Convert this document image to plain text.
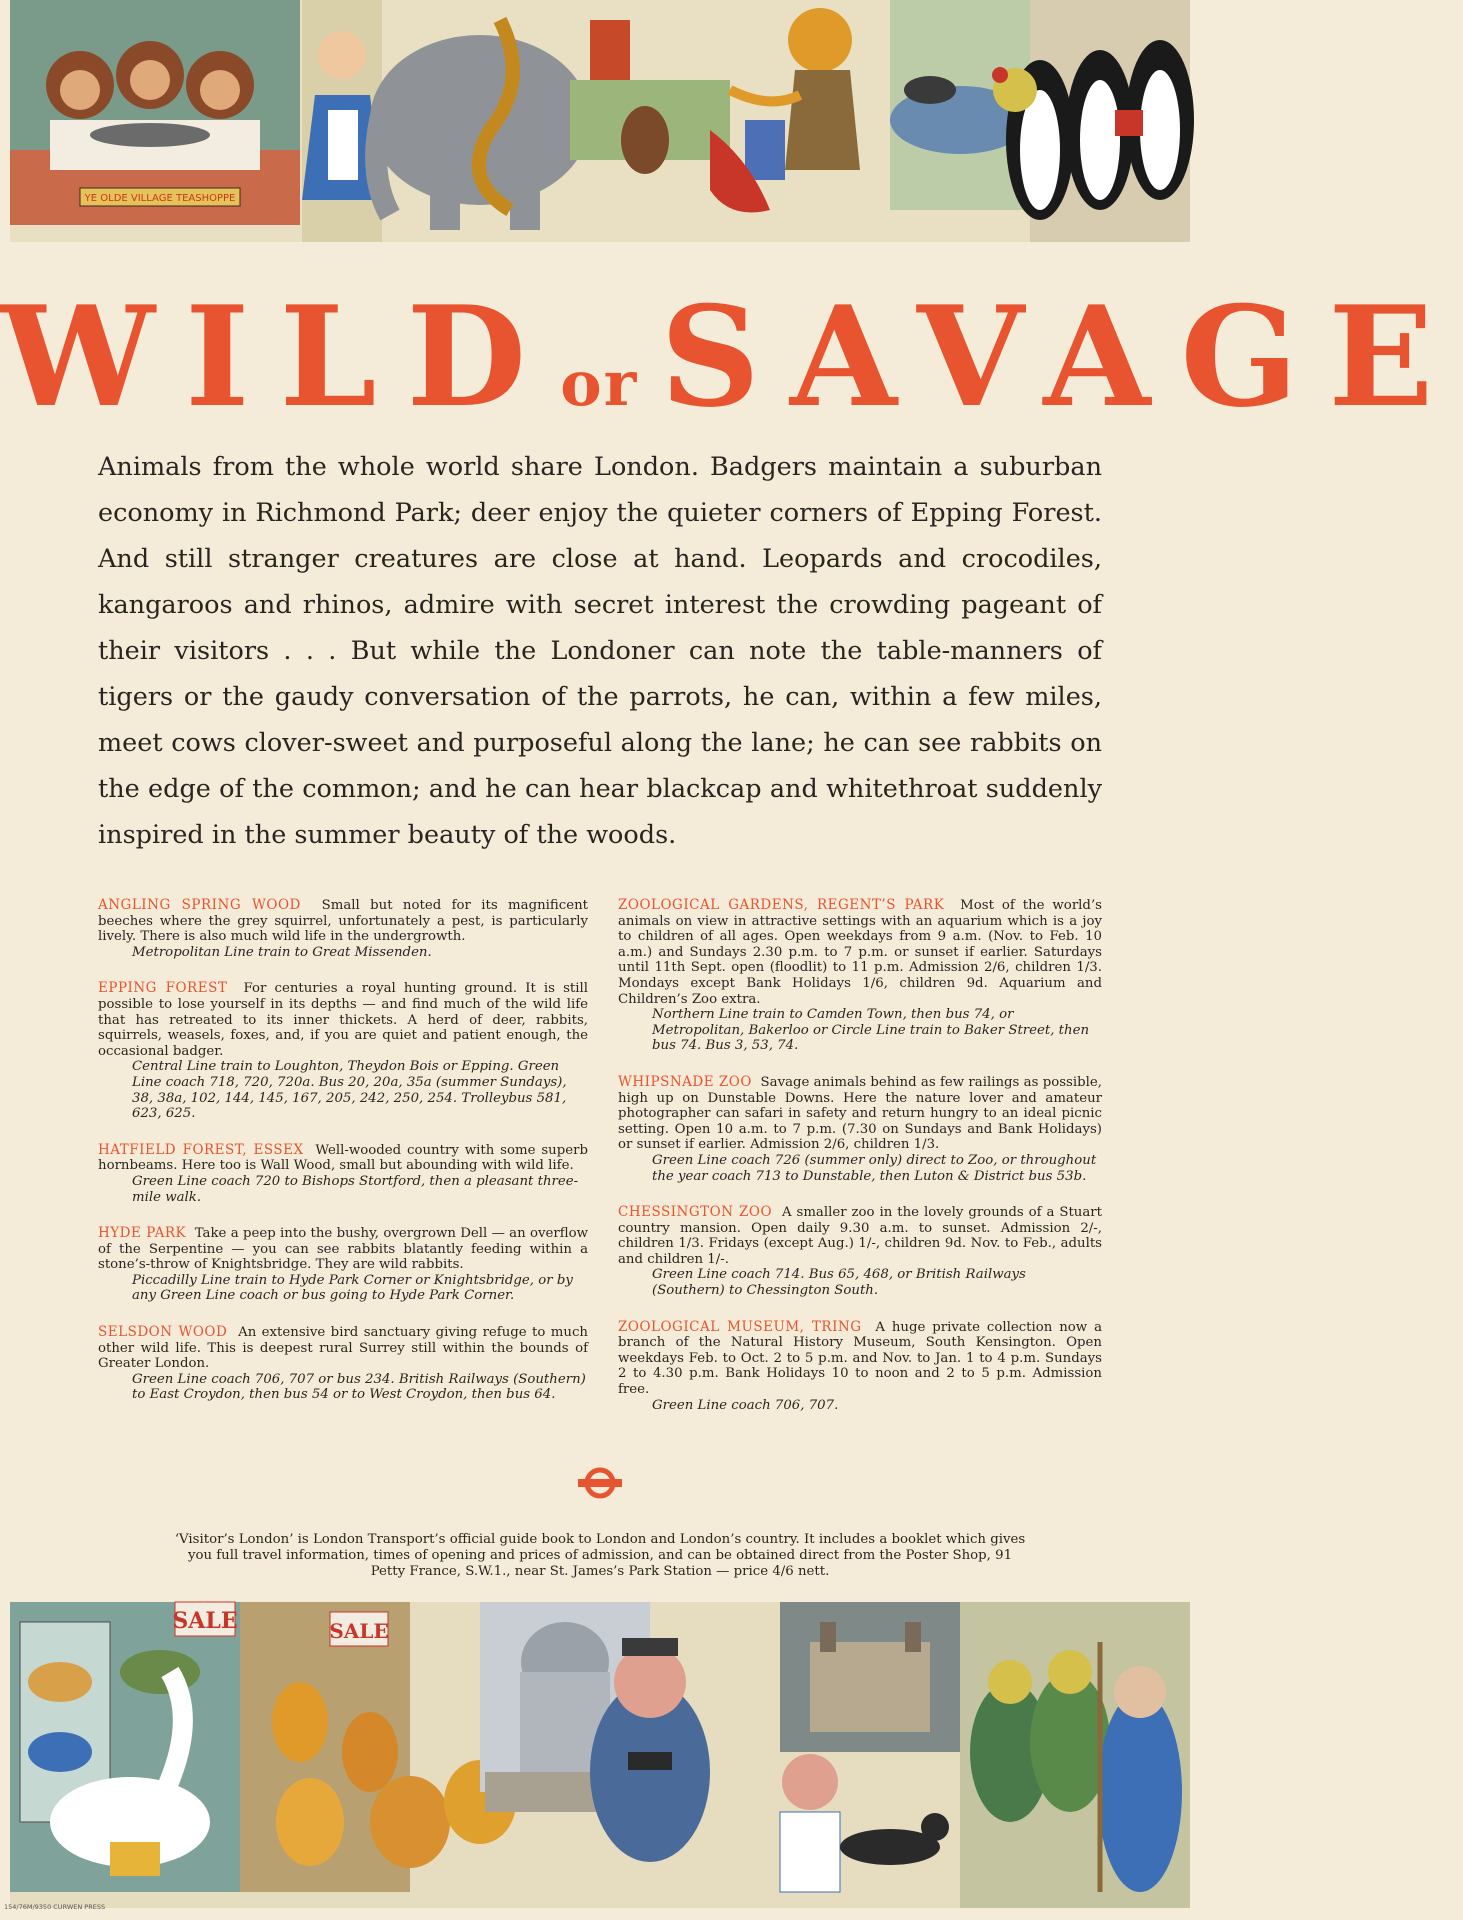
YE OLDE VILLAGE TEASHOPPE
WILDor SAVAGE
Animals from the whole world share London. Badgers maintain a suburban economy in Richmond Park; deer enjoy the quieter corners of Epping Forest. And still stranger creatures are close at hand. Leopards and crocodiles, kangaroos and rhinos, admire with secret interest the crowding pageant of their visitors . . . But while the Londoner can note the table-manners of tigers or the gaudy conversation of the parrots, he can, within a few miles, meet cows clover-sweet and purposeful along the lane; he can see rabbits on the edge of the common; and he can hear blackcap and whitethroat suddenly inspired in the summer beauty of the woods.
ANGLING SPRING WOOD Small but noted for its magnificent beeches where the grey squirrel, unfortunately a pest, is particularly lively. There is also much wild life in the undergrowth.
Metropolitan Line train to Great Missenden.
EPPING FOREST For centuries a royal hunting ground. It is still possible to lose yourself in its depths — and find much of the wild life that has retreated to its inner thickets. A herd of deer, rabbits, squirrels, weasels, foxes, and, if you are quiet and patient enough, the occasional badger.
Central Line train to Loughton, Theydon Bois or Epping. Green Line coach 718, 720, 720a. Bus 20, 20a, 35a (summer Sundays), 38, 38a, 102, 144, 145, 167, 205, 242, 250, 254. Trolleybus 581, 623, 625.
HATFIELD FOREST, ESSEX Well-wooded country with some superb hornbeams. Here too is Wall Wood, small but abounding with wild life.
Green Line coach 720 to Bishops Stortford, then a pleasant three-mile walk.
HYDE PARK Take a peep into the bushy, overgrown Dell — an overflow of the Serpentine — you can see rabbits blatantly feeding within a stone’s-throw of Knightsbridge. They are wild rabbits.
Piccadilly Line train to Hyde Park Corner or Knightsbridge, or by any Green Line coach or bus going to Hyde Park Corner.
SELSDON WOOD An extensive bird sanctuary giving refuge to much other wild life. This is deepest rural Surrey still within the bounds of Greater London.
Green Line coach 706, 707 or bus 234. British Railways (Southern) to East Croydon, then bus 54 or to West Croydon, then bus 64.
ZOOLOGICAL GARDENS, REGENT’S PARK Most of the world’s animals on view in attractive settings with an aquarium which is a joy to children of all ages. Open weekdays from 9 a.m. (Nov. to Feb. 10 a.m.) and Sundays 2.30 p.m. to 7 p.m. or sunset if earlier. Saturdays until 11th Sept. open (floodlit) to 11 p.m. Admission 2/6, children 1/3. Mondays except Bank Holidays 1/6, children 9d. Aquarium and Children’s Zoo extra.
Northern Line train to Camden Town, then bus 74, or Metropolitan, Bakerloo or Circle Line train to Baker Street, then bus 74. Bus 3, 53, 74.
WHIPSNADE ZOO Savage animals behind as few railings as possible, high up on Dunstable Downs. Here the nature lover and amateur photographer can safari in safety and return hungry to an ideal picnic setting. Open 10 a.m. to 7 p.m. (7.30 on Sundays and Bank Holidays) or sunset if earlier. Admission 2/6, children 1/3.
Green Line coach 726 (summer only) direct to Zoo, or throughout the year coach 713 to Dunstable, then Luton & District bus 53b.
CHESSINGTON ZOO A smaller zoo in the lovely grounds of a Stuart country mansion. Open daily 9.30 a.m. to sunset. Admission 2/-, children 1/3. Fridays (except Aug.) 1/-, children 9d. Nov. to Feb., adults and children 1/-.
Green Line coach 714. Bus 65, 468, or British Railways (Southern) to Chessington South.
ZOOLOGICAL MUSEUM, TRING A huge private collection now a branch of the Natural History Museum, South Kensington. Open weekdays Feb. to Oct. 2 to 5 p.m. and Nov. to Jan. 1 to 4 p.m. Sundays 2 to 4.30 p.m. Bank Holidays 10 to noon and 2 to 5 p.m. Admission free.
Green Line coach 706, 707.
‘Visitor’s London’ is London Transport’s official guide book to London and London’s country. It includes a booklet which gives you full travel information, times of opening and prices of admission, and can be obtained direct from the Poster Shop, 91 Petty France, S.W.1., near St. James’s Park Station — price 4/6 nett.
SALE	SALE
154/76M/9350 CURWEN PRESS
